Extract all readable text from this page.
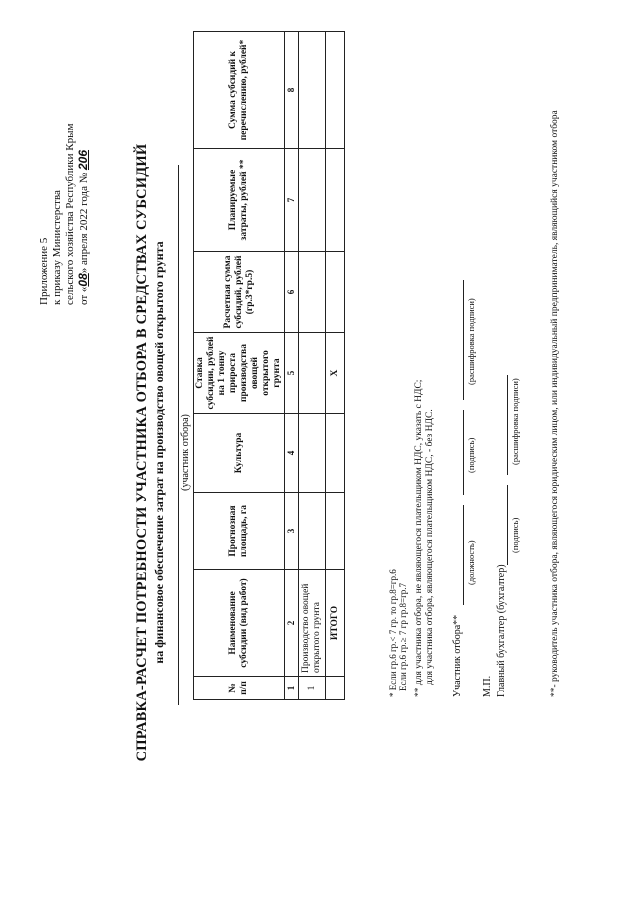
Приложение 5 к приказу Министерства сельского хозяйства Республики Крым от «08» апреля 2022 года № 206	СПРАВКА-РАСЧЕТ ПОТРЕБНОСТИ УЧАСТНИКА ОТБОРА В СРЕДСТВАХ СУБСИДИЙ на финансовое обеспечение затрат на производство овощей открытого грунта (участник отбора)
№ п/п	Наименование субсидии (вид работ)	Прогнозная площадь, га	Культура	Ставка субсидии, рублей на 1 тонну прироста производства овощей открытого грунта	Расчетная сумма субсидий, рублей (гр.3*гр.5)	Планируемые затраты, рублей **	Сумма субсидий к перечислению, рублей*
1	2	3	4	5	6	7	8
1	Производство овощей открытого грунта						
	ИТОГО			Х			
* Если гр.6 гр.< 7 гр. то гр.8=гр.6 Если гр.6 гр.≥ 7 гр гр.8=гр.7 ** для участника отбора, не являющегося плательщиком НДС, указать с НДС; для участника отбора, являющегося плательщиком НДС, - без НДС. Участник отбора**
(должность)
(подпись)
(расшифровка подписи)
М.П. Главный бухгалтер (бухгалтер)
(подпись)
(расшифровка подписи)	**- руководитель участника отбора, являющегося юридическим лицом, или индивидуальный предприниматель, являющийся участником отбора
